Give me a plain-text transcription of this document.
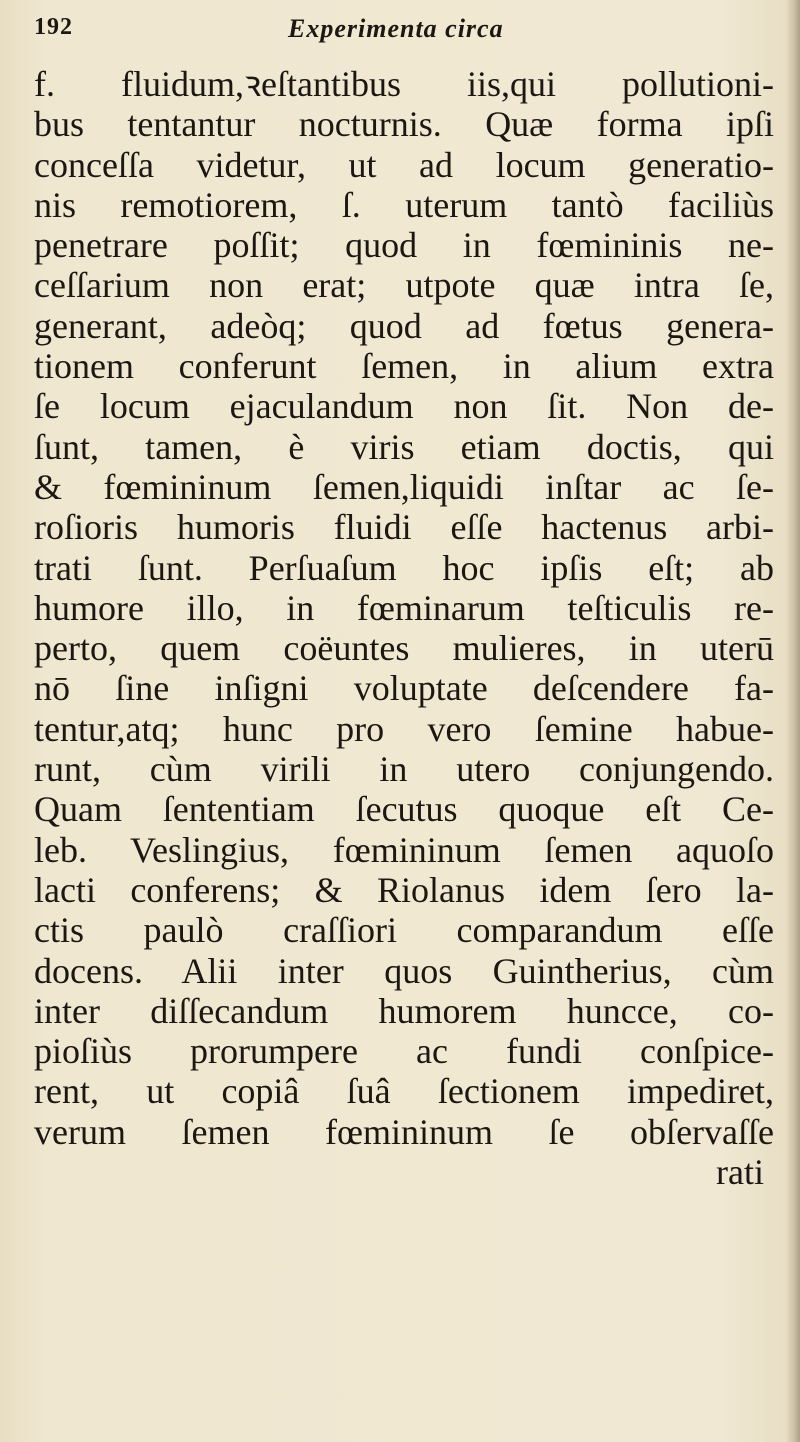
192	Experimenta circa
f. fluidum,ꝛeſtantibus iis,qui pollutioni-
bus tentantur nocturnis. Quæ forma ipſi
conceſſa videtur, ut ad locum generatio-
nis remotiorem, ſ. uterum tantò faciliùs
penetrare poſſit; quod in fœmininis ne-
ceſſarium non erat; utpote quæ intra ſe,
generant, adeòq; quod ad fœtus genera-
tionem conferunt ſemen, in alium extra
ſe locum ejaculandum non ſit. Non de-
ſunt, tamen, è viris etiam doctis, qui
& fœmininum ſemen,liquidi inſtar ac ſe-
roſioris humoris fluidi eſſe hactenus arbi-
trati ſunt. Perſuaſum hoc ipſis eſt; ab
humore illo, in fœminarum teſticulis re-
perto, quem coëuntes mulieres, in uterū
nō ſine inſigni voluptate deſcendere fa-
tentur,atq; hunc pro vero ſemine habue-
runt, cùm virili in utero conjungendo.
Quam ſententiam ſecutus quoque eſt Ce-
leb. Veslingius, fœmininum ſemen aquoſo
lacti conferens; & Riolanus idem ſero la-
ctis paulò craſſiori comparandum eſſe
docens. Alii inter quos Guintherius, cùm
inter diſſecandum humorem huncce, co-
pioſiùs prorumpere ac fundi conſpice-
rent, ut copiâ ſuâ ſectionem impediret,
verum ſemen fœmininum ſe obſervaſſe
rati
